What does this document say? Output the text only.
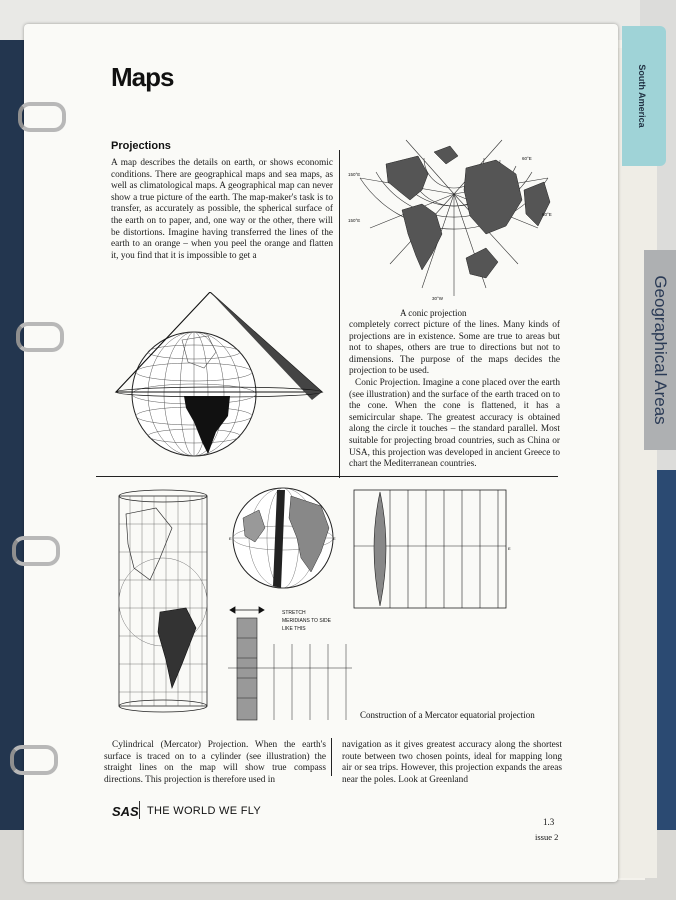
Geographical Areas
South America
Maps
Projections
A map describes the details on earth, or shows economic conditions. There are geographical maps and sea maps, as well as climatological maps. A geographical map can never show a true picture of the earth. The map-maker's task is to transfer, as accurately as possible, the spherical surface of the earth on to paper, and, one way or the other, there will be distortions. Imagine having transferred the lines of the earth to an orange – when you peel the orange and flatten it, you find that it is impossible to get a
150°E
150°E
60°E
60°E
30°W
A conic projection
completely correct picture of the lines. Many kinds of projections are in existence. Some are true to areas but not to shapes, others are true to directions but not to dimensions. The purpose of the maps decides the projection to be used.
Conic Projection. Imagine a cone placed over the earth (see illustration) and the surface of the earth traced on to the cone. When the cone is flattened, it has a semicircular shape. The greatest accuracy is obtained along the circle it touches – the standard parallel. Most suitable for projecting broad countries, such as China or USA, this projection was developed in ancient Greece to chart the Mediterranean countries.
E	E
E
STRETCH MERIDIANS TO SIDE LIKE THIS
Construction of a Mercator equatorial projection
Cylindrical (Mercator) Projection. When the earth's surface is traced on to a cylinder (see illustration) the straight lines on the map will show true compass directions. This projection is therefore used in
navigation as it gives greatest accuracy along the shortest route between two chosen points, ideal for mapping long air or sea trips. However, this projection expands the areas near the poles. Look at Greenland
SAS THE WORLD WE FLY
1.3
issue 2
